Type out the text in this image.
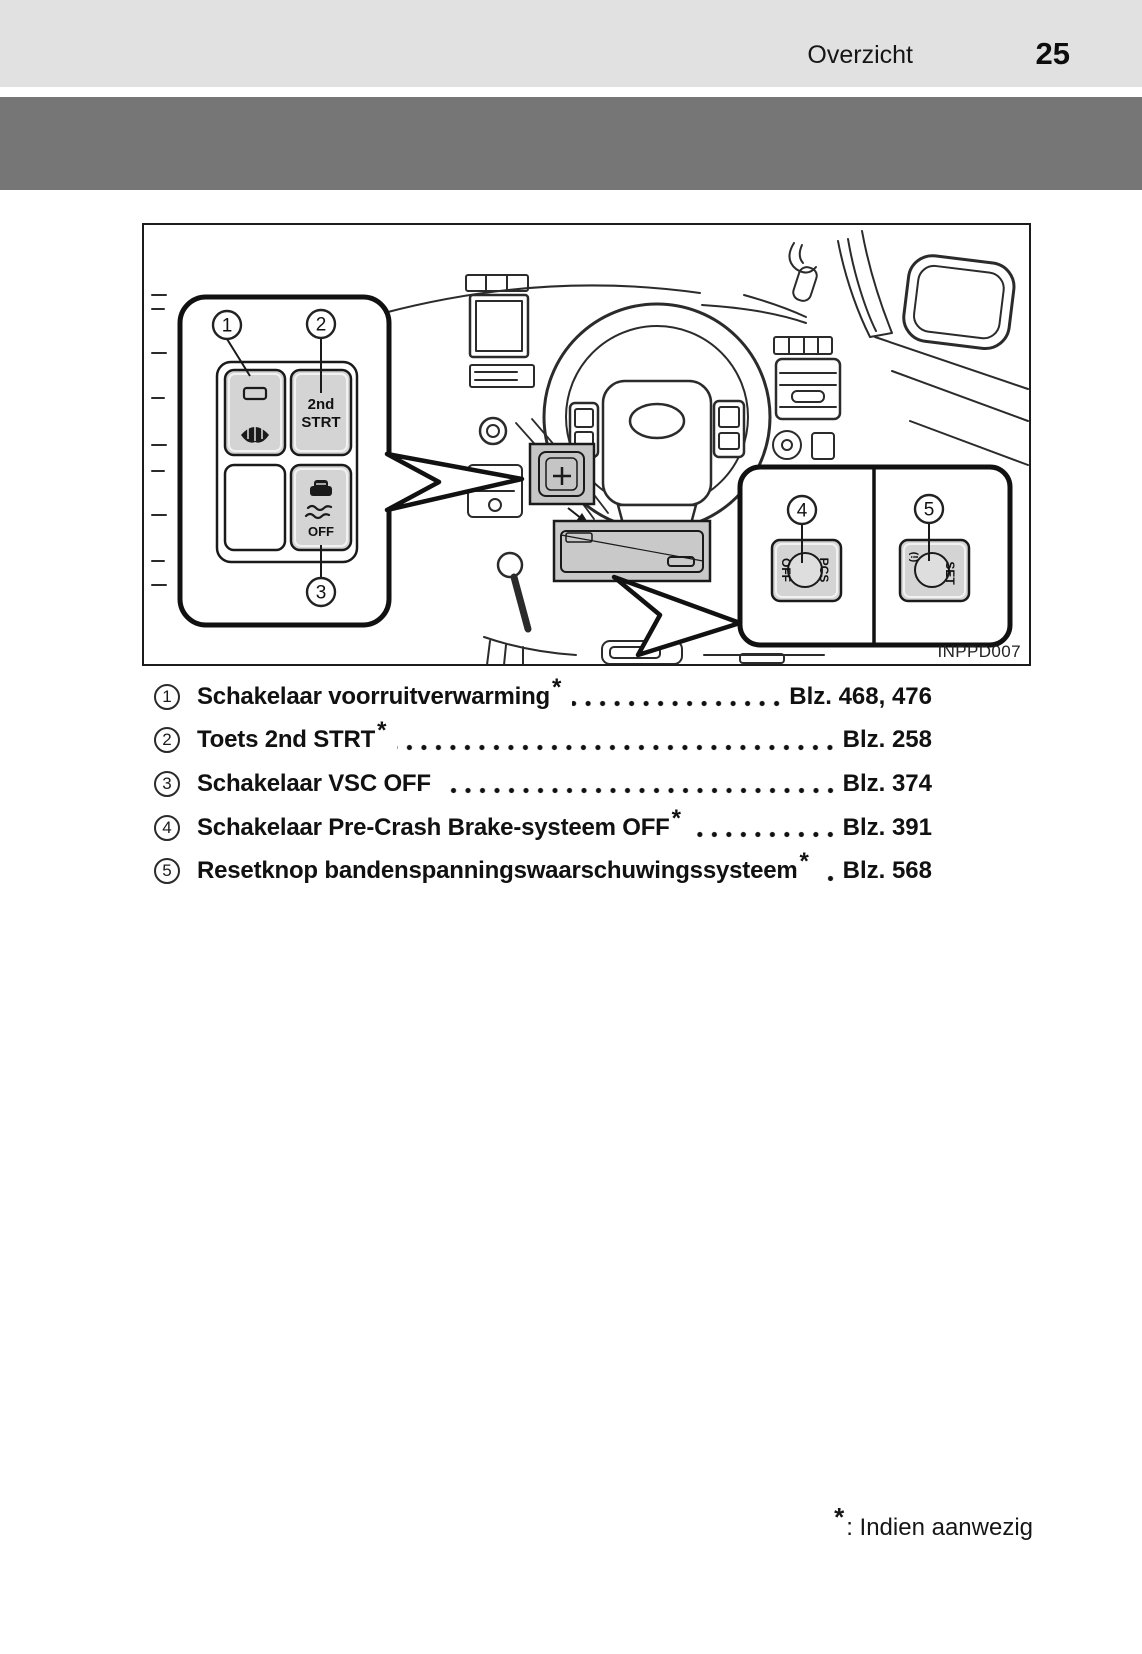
Overzicht	25
2nd
STRT
OFF
1	2
3
PCS
OFF
(!)
SET
4	5
INPPD007
1	Schakelaar voorruitverwarming *	Blz. 468, 476
2	Toets 2nd STRT *	Blz. 258
3	Schakelaar VSC OFF	Blz. 374
4	Schakelaar Pre-Crash Brake-systeem OFF *	Blz. 391
5	Resetknop bandenspanningswaarschuwingssysteem * Blz. 568
*: Indien aanwezig
